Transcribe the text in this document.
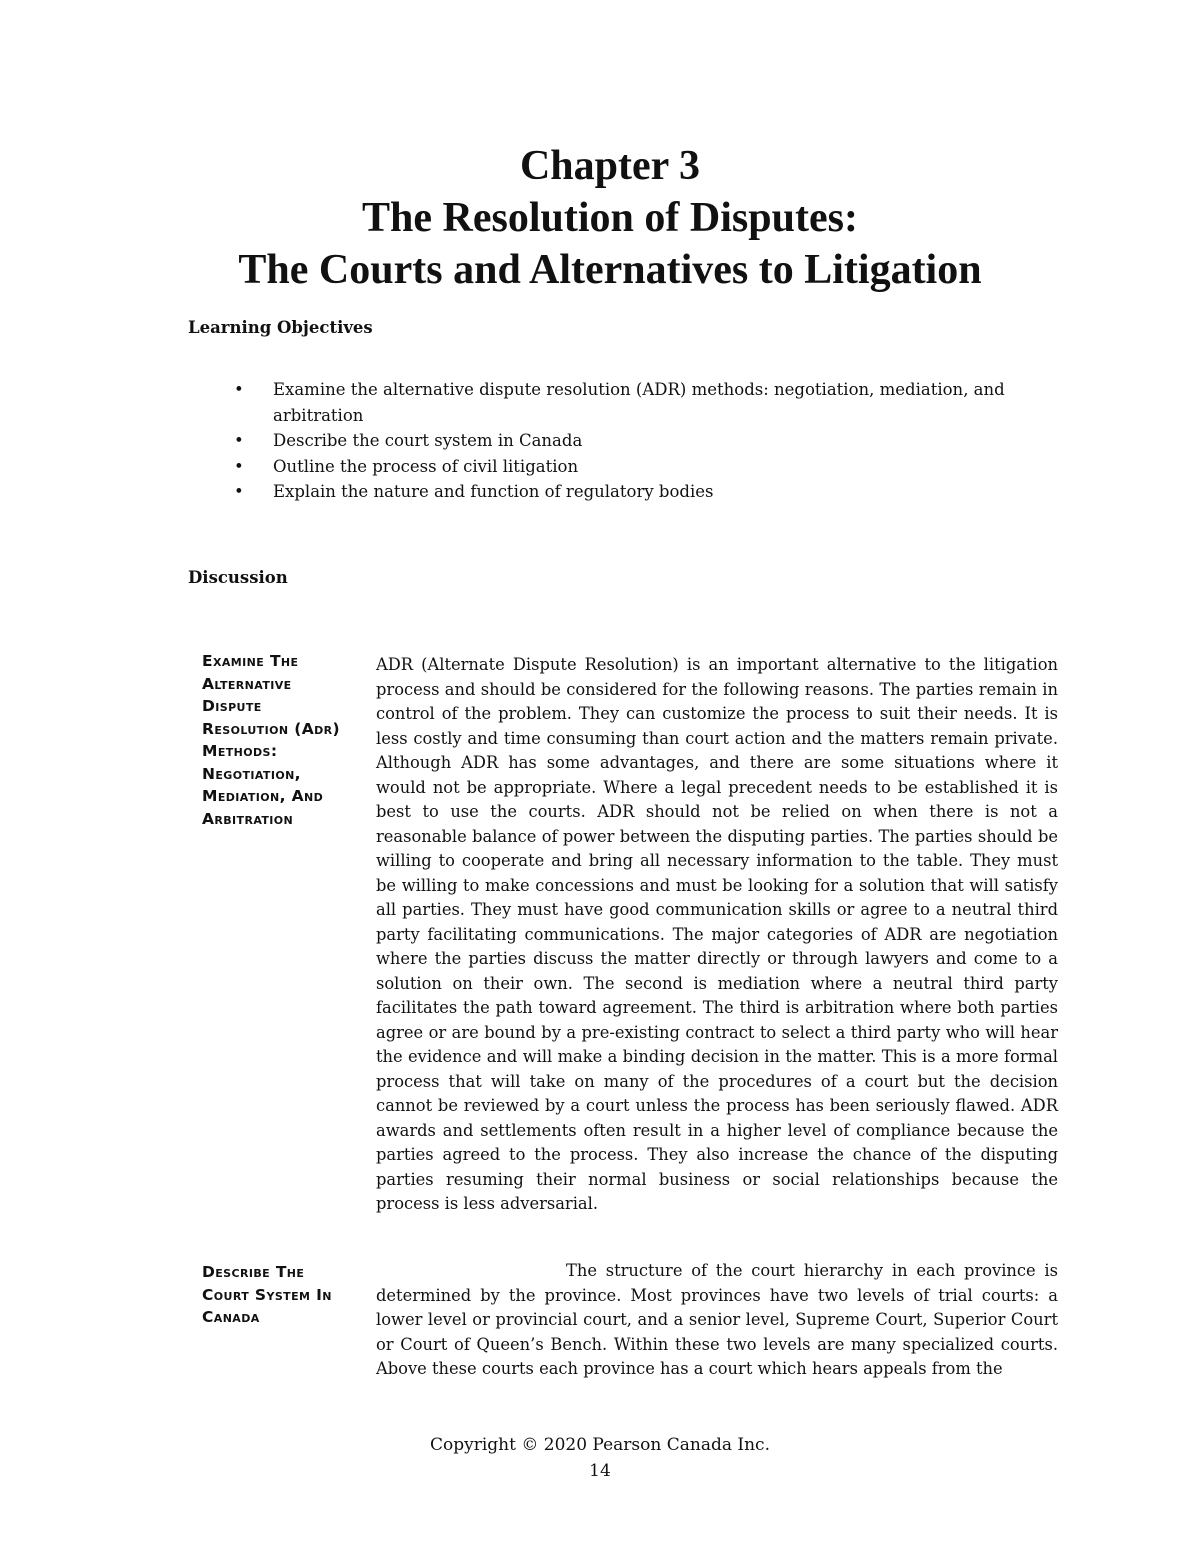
Chapter 3
The Resolution of Disputes:
The Courts and Alternatives to Litigation
Learning Objectives
• Examine the alternative dispute resolution (ADR) methods: negotiation, mediation, and arbitration
• Describe the court system in Canada
• Outline the process of civil litigation
• Explain the nature and function of regulatory bodies
Discussion
Examine The Alternative Dispute Resolution (Adr) Methods: Negotiation, Mediation, And Arbitration

ADR (Alternate Dispute Resolution) is an important alternative to the litigation process and should be considered for the following reasons. The parties remain in control of the problem. They can customize the process to suit their needs. It is less costly and time consuming than court action and the matters remain private. Although ADR has some advantages, and there are some situations where it would not be appropriate. Where a legal precedent needs to be established it is best to use the courts. ADR should not be relied on when there is not a reasonable balance of power between the disputing parties. The parties should be willing to cooperate and bring all necessary information to the table. They must be willing to make concessions and must be looking for a solution that will satisfy all parties. They must have good communication skills or agree to a neutral third party facilitating communications. The major categories of ADR are negotiation where the parties discuss the matter directly or through lawyers and come to a solution on their own. The second is mediation where a neutral third party facilitates the path toward agreement. The third is arbitration where both parties agree or are bound by a pre-existing contract to select a third party who will hear the evidence and will make a binding decision in the matter. This is a more formal process that will take on many of the procedures of a court but the decision cannot be reviewed by a court unless the process has been seriously flawed. ADR awards and settlements often result in a higher level of compliance because the parties agreed to the process. They also increase the chance of the disputing parties resuming their normal business or social relationships because the process is less adversarial.

Describe The Court System In Canada

The structure of the court hierarchy in each province is determined by the province. Most provinces have two levels of trial courts: a lower level or provincial court, and a senior level, Supreme Court, Superior Court or Court of Queen’s Bench. Within these two levels are many specialized courts. Above these courts each province has a court which hears appeals from the

Copyright © 2020 Pearson Canada Inc.
14
